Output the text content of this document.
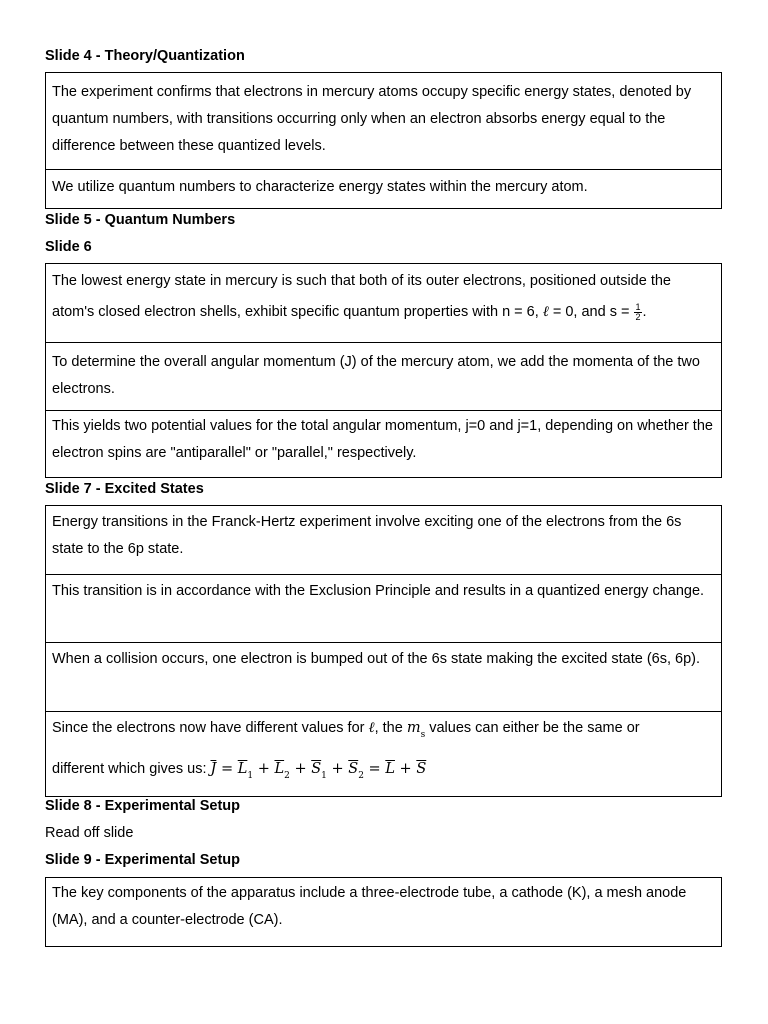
Slide 4 - Theory/Quantization
The experiment confirms that electrons in mercury atoms occupy specific energy states, denoted by quantum numbers, with transitions occurring only when an electron absorbs energy equal to the difference between these quantized levels.
We utilize quantum numbers to characterize energy states within the mercury atom.
Slide 5 - Quantum Numbers
Slide 6
The lowest energy state in mercury is such that both of its outer electrons, positioned outside the atom's closed electron shells, exhibit specific quantum properties with n = 6, ℓ = 0, and $s = \frac{1}{2}$ .
To determine the overall angular momentum (J) of the mercury atom, we add the momenta of the two electrons.
This yields two potential values for the total angular momentum, j=0 and j=1, depending on whether the electron spins are "antiparallel" or "parallel," respectively.
Slide 7 - Excited States
Energy transitions in the Franck-Hertz experiment involve exciting one of the electrons from the 6s state to the 6p state.
This transition is in accordance with the Exclusion Principle and results in a quantized energy change.
When a collision occurs, one electron is bumped out of the 6s state making the excited state (6s, 6p).
Since the electrons now have different values for ℓ, the $m_s$ values can either be the same or
different which gives us: $\overline{J} = \overline{L}_1 + \overline{L}_2 + \overline{S}_1 + \overline{S}_2 = \overline{L} + \overline{S}$
Slide 8 - Experimental Setup
Read off slide
Slide 9 - Experimental Setup
The key components of the apparatus include a three-electrode tube, a cathode (K), a mesh anode (MA), and a counter-electrode (CA).
